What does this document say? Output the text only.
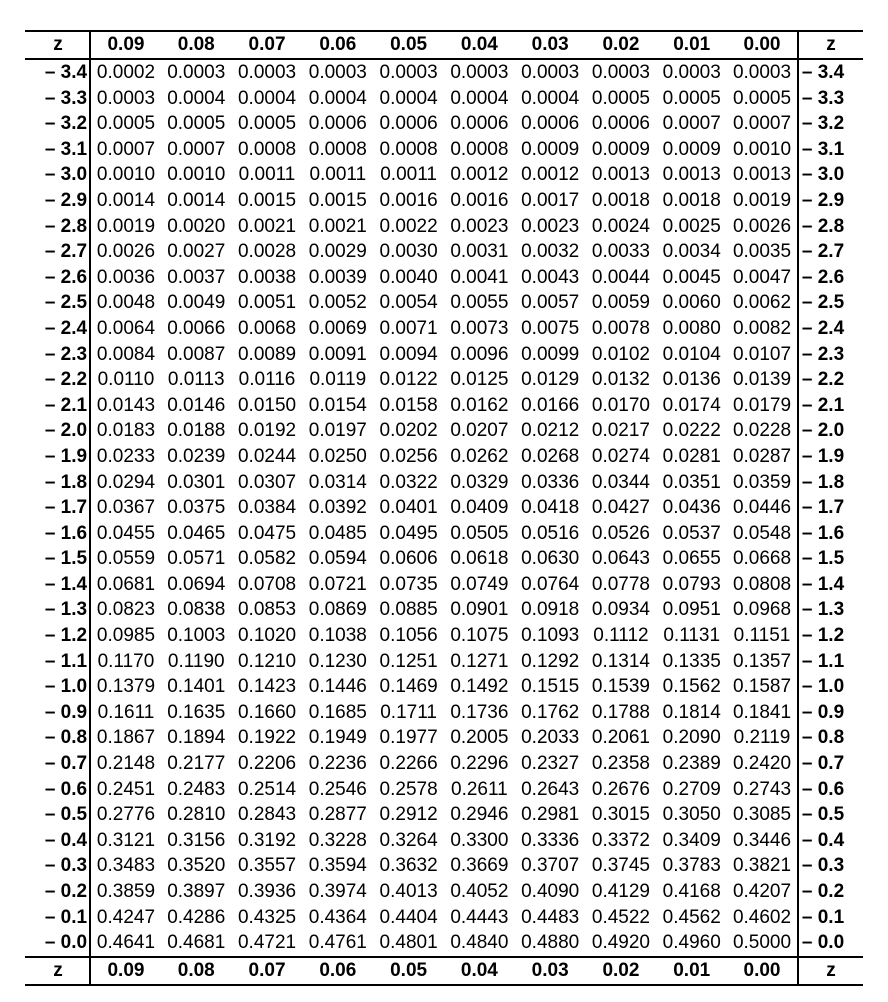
z	0.09	0.08	0.07	0.06	0.05	0.04	0.03	0.02	0.01	0.00	z
– 3.4	0.0002	0.0003	0.0003	0.0003	0.0003	0.0003	0.0003	0.0003	0.0003	0.0003	– 3.4
– 3.3	0.0003	0.0004	0.0004	0.0004	0.0004	0.0004	0.0004	0.0005	0.0005	0.0005	– 3.3
– 3.2	0.0005	0.0005	0.0005	0.0006	0.0006	0.0006	0.0006	0.0006	0.0007	0.0007	– 3.2
– 3.1	0.0007	0.0007	0.0008	0.0008	0.0008	0.0008	0.0009	0.0009	0.0009	0.0010	– 3.1
– 3.0	0.0010	0.0010	0.0011	0.0011	0.0011	0.0012	0.0012	0.0013	0.0013	0.0013	– 3.0
– 2.9	0.0014	0.0014	0.0015	0.0015	0.0016	0.0016	0.0017	0.0018	0.0018	0.0019	– 2.9
– 2.8	0.0019	0.0020	0.0021	0.0021	0.0022	0.0023	0.0023	0.0024	0.0025	0.0026	– 2.8
– 2.7	0.0026	0.0027	0.0028	0.0029	0.0030	0.0031	0.0032	0.0033	0.0034	0.0035	– 2.7
– 2.6	0.0036	0.0037	0.0038	0.0039	0.0040	0.0041	0.0043	0.0044	0.0045	0.0047	– 2.6
– 2.5	0.0048	0.0049	0.0051	0.0052	0.0054	0.0055	0.0057	0.0059	0.0060	0.0062	– 2.5
– 2.4	0.0064	0.0066	0.0068	0.0069	0.0071	0.0073	0.0075	0.0078	0.0080	0.0082	– 2.4
– 2.3	0.0084	0.0087	0.0089	0.0091	0.0094	0.0096	0.0099	0.0102	0.0104	0.0107	– 2.3
– 2.2	0.0110	0.0113	0.0116	0.0119	0.0122	0.0125	0.0129	0.0132	0.0136	0.0139	– 2.2
– 2.1	0.0143	0.0146	0.0150	0.0154	0.0158	0.0162	0.0166	0.0170	0.0174	0.0179	– 2.1
– 2.0	0.0183	0.0188	0.0192	0.0197	0.0202	0.0207	0.0212	0.0217	0.0222	0.0228	– 2.0
– 1.9	0.0233	0.0239	0.0244	0.0250	0.0256	0.0262	0.0268	0.0274	0.0281	0.0287	– 1.9
– 1.8	0.0294	0.0301	0.0307	0.0314	0.0322	0.0329	0.0336	0.0344	0.0351	0.0359	– 1.8
– 1.7	0.0367	0.0375	0.0384	0.0392	0.0401	0.0409	0.0418	0.0427	0.0436	0.0446	– 1.7
– 1.6	0.0455	0.0465	0.0475	0.0485	0.0495	0.0505	0.0516	0.0526	0.0537	0.0548	– 1.6
– 1.5	0.0559	0.0571	0.0582	0.0594	0.0606	0.0618	0.0630	0.0643	0.0655	0.0668	– 1.5
– 1.4	0.0681	0.0694	0.0708	0.0721	0.0735	0.0749	0.0764	0.0778	0.0793	0.0808	– 1.4
– 1.3	0.0823	0.0838	0.0853	0.0869	0.0885	0.0901	0.0918	0.0934	0.0951	0.0968	– 1.3
– 1.2	0.0985	0.1003	0.1020	0.1038	0.1056	0.1075	0.1093	0.1112	0.1131	0.1151	– 1.2
– 1.1	0.1170	0.1190	0.1210	0.1230	0.1251	0.1271	0.1292	0.1314	0.1335	0.1357	– 1.1
– 1.0	0.1379	0.1401	0.1423	0.1446	0.1469	0.1492	0.1515	0.1539	0.1562	0.1587	– 1.0
– 0.9	0.1611	0.1635	0.1660	0.1685	0.1711	0.1736	0.1762	0.1788	0.1814	0.1841	– 0.9
– 0.8	0.1867	0.1894	0.1922	0.1949	0.1977	0.2005	0.2033	0.2061	0.2090	0.2119	– 0.8
– 0.7	0.2148	0.2177	0.2206	0.2236	0.2266	0.2296	0.2327	0.2358	0.2389	0.2420	– 0.7
– 0.6	0.2451	0.2483	0.2514	0.2546	0.2578	0.2611	0.2643	0.2676	0.2709	0.2743	– 0.6
– 0.5	0.2776	0.2810	0.2843	0.2877	0.2912	0.2946	0.2981	0.3015	0.3050	0.3085	– 0.5
– 0.4	0.3121	0.3156	0.3192	0.3228	0.3264	0.3300	0.3336	0.3372	0.3409	0.3446	– 0.4
– 0.3	0.3483	0.3520	0.3557	0.3594	0.3632	0.3669	0.3707	0.3745	0.3783	0.3821	– 0.3
– 0.2	0.3859	0.3897	0.3936	0.3974	0.4013	0.4052	0.4090	0.4129	0.4168	0.4207	– 0.2
– 0.1	0.4247	0.4286	0.4325	0.4364	0.4404	0.4443	0.4483	0.4522	0.4562	0.4602	– 0.1
– 0.0	0.4641	0.4681	0.4721	0.4761	0.4801	0.4840	0.4880	0.4920	0.4960	0.5000	– 0.0
z	0.09	0.08	0.07	0.06	0.05	0.04	0.03	0.02	0.01	0.00	z
